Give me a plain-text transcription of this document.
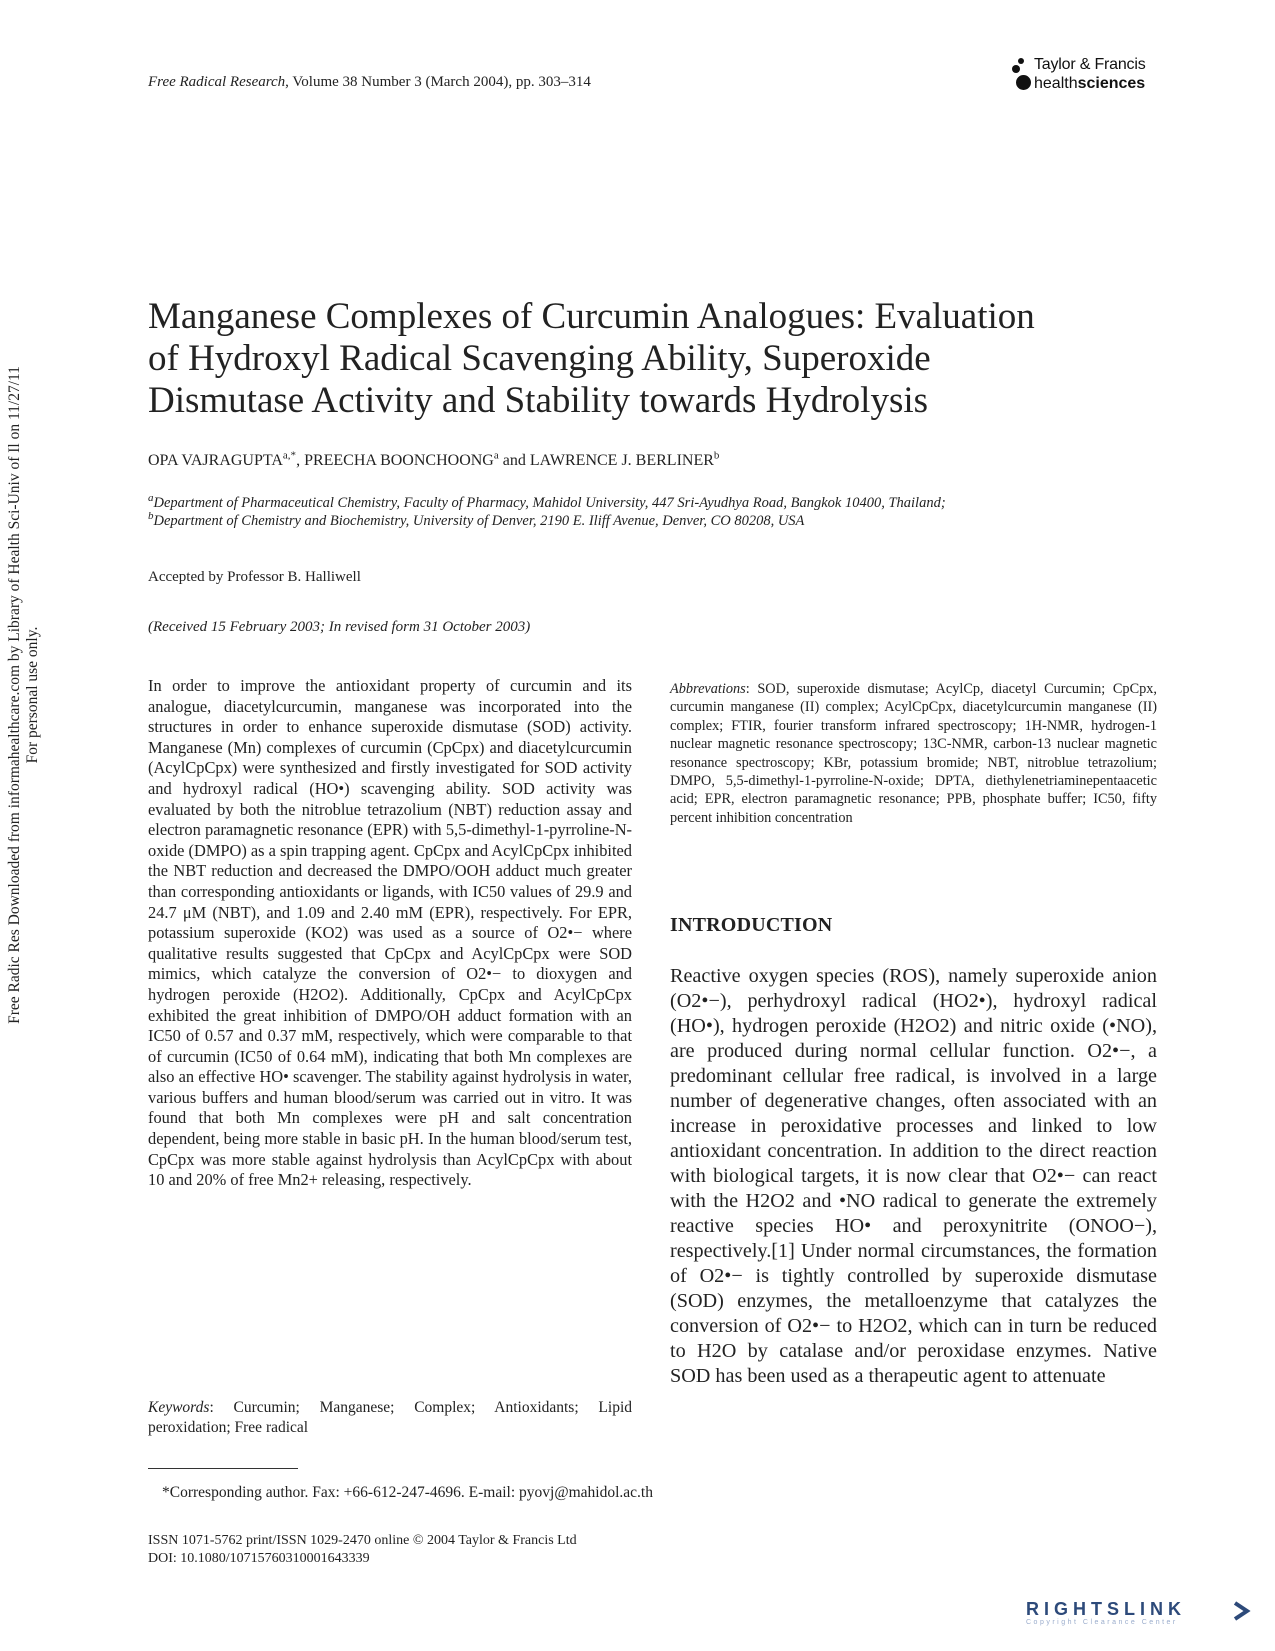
Free Radical Research, Volume 38 Number 3 (March 2004), pp. 303–314
Taylor & Francis
healthsciences
Manganese Complexes of Curcumin Analogues: Evaluation
of Hydroxyl Radical Scavenging Ability, Superoxide
Dismutase Activity and Stability towards Hydrolysis
OPA $VAJRAGUPTA^{a,*}$, PREECHA BOONCHOONG$^a$ and LAWRENCE J. BERLINER$^b$
$^a$Department of Pharmaceutical Chemistry, Faculty of Pharmacy, Mahidol University, 447 Sri-Ayudhya Road, Bangkok 10400, Thailand;
$^b$Department of Chemistry and Biochemistry, University of Denver, 2190 E. Iliff Avenue, Denver, CO 80208, USA
Accepted by Professor B. Halliwell
(Received 15 February 2003; In revised form 31 October 2003)
In order to improve the antioxidant property of curcumin and its analogue, diacetylcurcumin, manganese was incorporated into the structures in order to enhance superoxide dismutase (SOD) activity. Manganese (Mn) complexes of curcumin (CpCpx) and diacetylcurcumin (AcylCpCpx) were synthesized and firstly investigated for SOD activity and hydroxyl radical (HO•) scavenging ability. SOD activity was evaluated by both the nitroblue tetrazolium (NBT) reduction assay and electron paramagnetic resonance (EPR) with 5,5-dimethyl-1-pyrroline-N-oxide (DMPO) as a spin trapping agent. CpCpx and AcylCpCpx inhibited the NBT reduction and decreased the DMPO/OOH adduct much greater than corresponding antioxidants or ligands, with IC50 values of 29.9 and 24.7 μM (NBT), and 1.09 and 2.40 mM (EPR), respectively. For EPR, potassium superoxide (KO2) was used as a source of O2•− where qualitative results suggested that CpCpx and AcylCpCpx were SOD mimics, which catalyze the conversion of O2•− to dioxygen and hydrogen peroxide (H2O2). Additionally, CpCpx and AcylCpCpx exhibited the great inhibition of DMPO/OH adduct formation with an IC50 of 0.57 and 0.37 mM, respectively, which were comparable to that of curcumin (IC50 of 0.64 mM), indicating that both Mn complexes are also an effective HO• scavenger. The stability against hydrolysis in water, various buffers and human blood/serum was carried out in vitro. It was found that both Mn complexes were pH and salt concentration dependent, being more stable in basic pH. In the human blood/serum test, CpCpx was more stable against hydrolysis than AcylCpCpx with about 10 and 20% of free Mn2+ releasing, respectively.
Keywords: Curcumin; Manganese; Complex; Antioxidants; Lipid peroxidation; Free radical
Abbrevations: SOD, superoxide dismutase; AcylCp, diacetyl Curcumin; CpCpx, curcumin manganese (II) complex; AcylCpCpx, diacetylcurcumin manganese (II) complex; FTIR, fourier transform infrared spectroscopy; 1H-NMR, hydrogen-1 nuclear magnetic resonance spectroscopy; 13C-NMR, carbon-13 nuclear magnetic resonance spectroscopy; KBr, potassium bromide; NBT, nitroblue tetrazolium; DMPO, 5,5-dimethyl-1-pyrroline-N-oxide; DPTA, diethylenetriaminepentaacetic acid; EPR, electron paramagnetic resonance; PPB, phosphate buffer; IC50, fifty percent inhibition concentration
INTRODUCTION
Reactive oxygen species (ROS), namely superoxide anion (O2•−), perhydroxyl radical (HO2•), hydroxyl radical (HO•), hydrogen peroxide (H2O2) and nitric oxide (•NO), are produced during normal cellular function. O2•−, a predominant cellular free radical, is involved in a large number of degenerative changes, often associated with an increase in peroxidative processes and linked to low antioxidant concentration. In addition to the direct reaction with biological targets, it is now clear that O2•− can react with the H2O2 and •NO radical to generate the extremely reactive species HO• and peroxynitrite (ONOO−), respectively.[1] Under normal circumstances, the formation of O2•− is tightly controlled by superoxide dismutase (SOD) enzymes, the metalloenzyme that catalyzes the conversion of O2•− to H2O2, which can in turn be reduced to H2O by catalase and/or peroxidase enzymes. Native SOD has been used as a therapeutic agent to attenuate
*Corresponding author. Fax: +66-612-247-4696. E-mail: pyovj@mahidol.ac.th
ISSN 1071-5762 print/ISSN 1029-2470 online © 2004 Taylor & Francis Ltd
DOI: 10.1080/10715760310001643339
Free Radic Res Downloaded from informahealthcare.com by Library of Health Sci-Univ of Il on 11/27/11 For personal use only.
RIGHTSLINK
Copyright Clearance Center
